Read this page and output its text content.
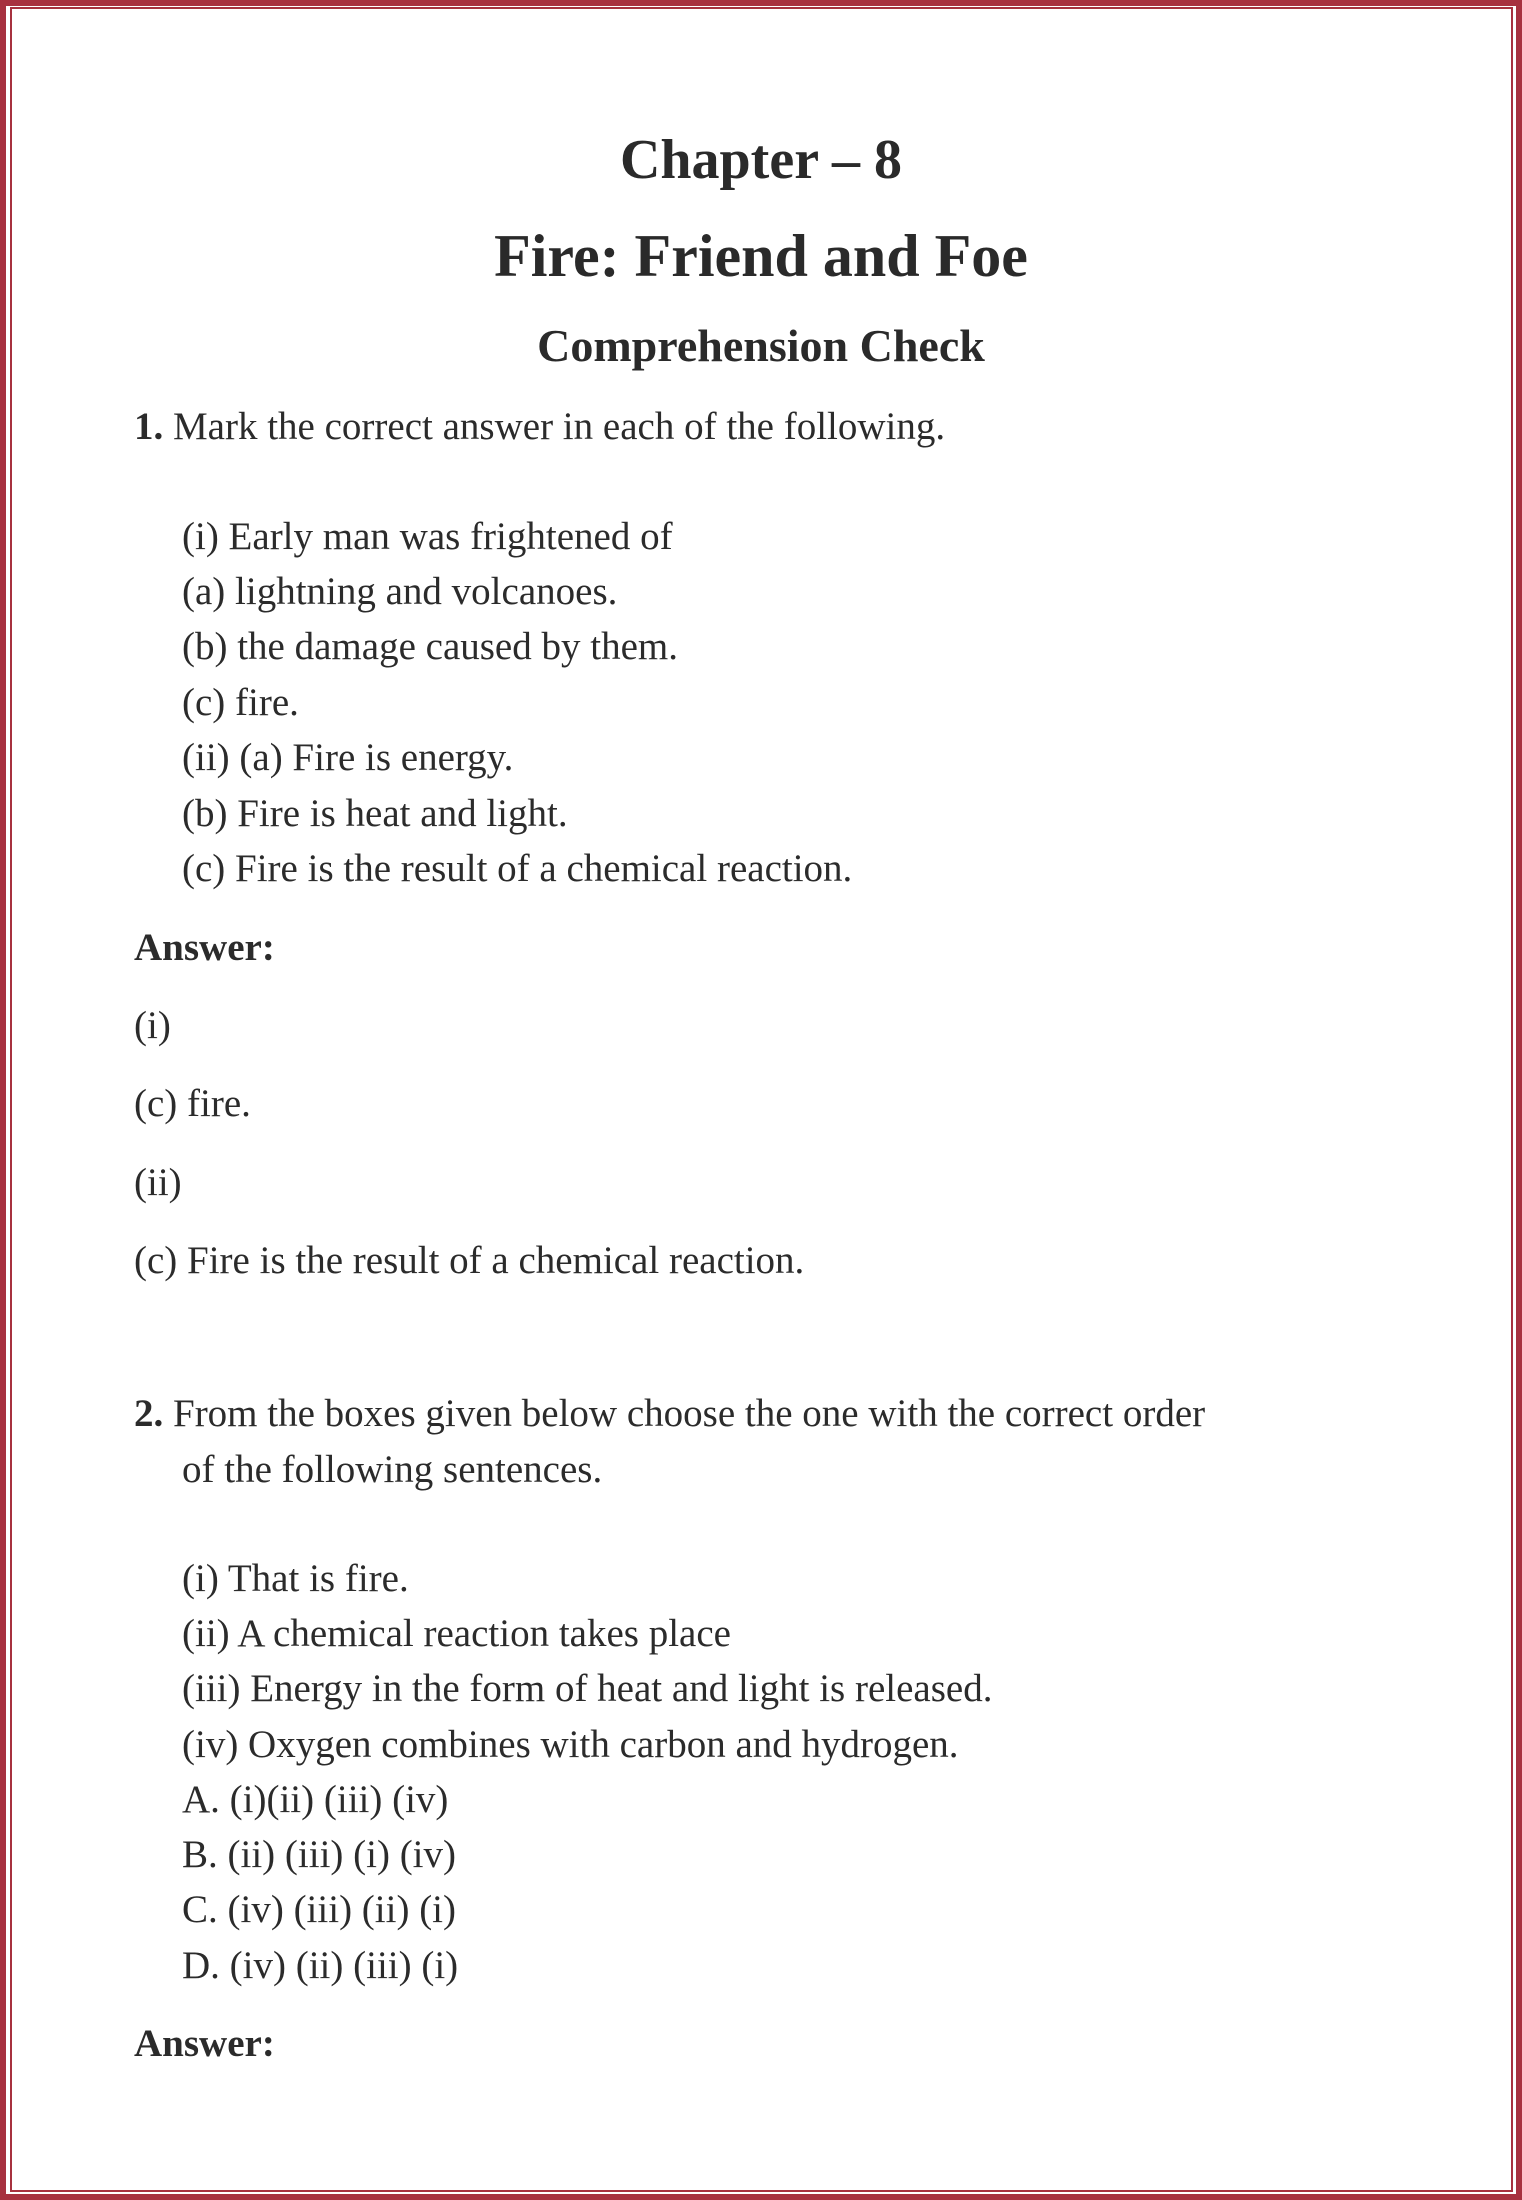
Chapter – 8
Fire: Friend and Foe
Comprehension Check
1. Mark the correct answer in each of the following.
(i) Early man was frightened of
(a) lightning and volcanoes.
(b) the damage caused by them.
(c) fire.
(ii) (a) Fire is energy.
(b) Fire is heat and light.
(c) Fire is the result of a chemical reaction.
Answer:
(i)
(c) fire.
(ii)
(c) Fire is the result of a chemical reaction.
2. From the boxes given below choose the one with the correct order
of the following sentences.
(i) That is fire.
(ii) A chemical reaction takes place
(iii) Energy in the form of heat and light is released.
(iv) Oxygen combines with carbon and hydrogen.
A. (i)(ii) (iii) (iv)
B. (ii) (iii) (i) (iv)
C. (iv) (iii) (ii) (i)
D. (iv) (ii) (iii) (i)
Answer:
